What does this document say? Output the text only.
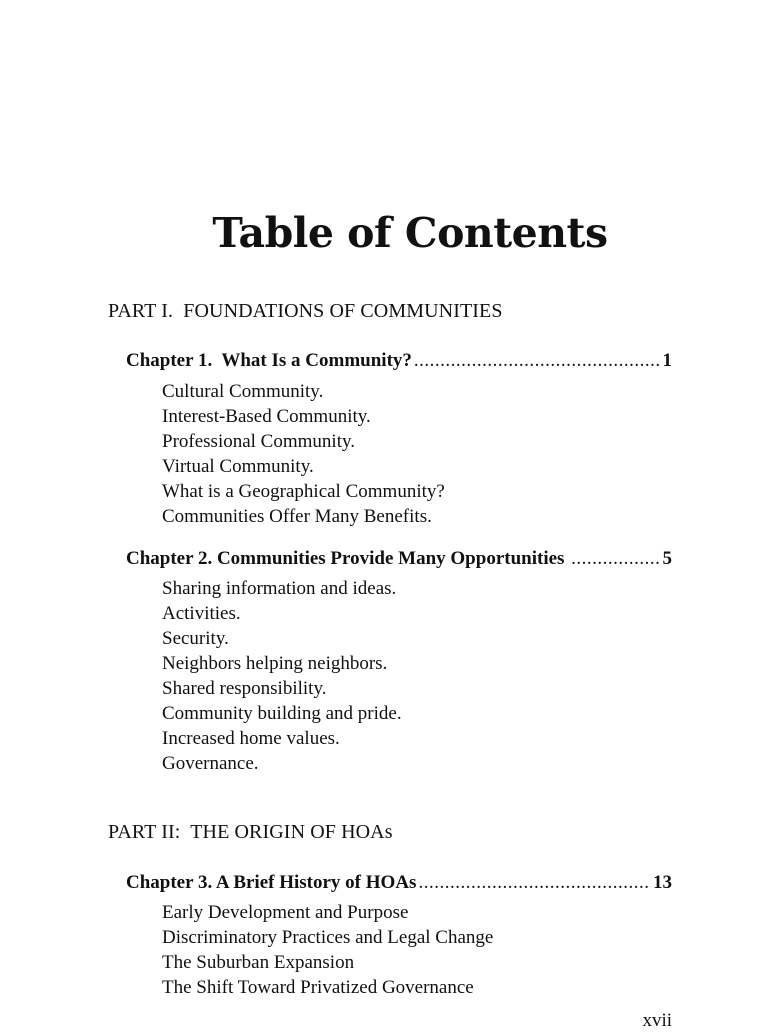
Table of Contents
PART I.  FOUNDATIONS OF COMMUNITIES
Chapter 1.  What Is a Community? .....	1
Cultural Community.
Interest-Based Community.
Professional Community.
Virtual Community.
What is a Geographical Community?
Communities Offer Many Benefits.
Chapter 2. Communities Provide Many Opportunities .....	5
Sharing information and ideas.
Activities.
Security.
Neighbors helping neighbors.
Shared responsibility.
Community building and pride.
Increased home values.
Governance.
PART II:  THE ORIGIN OF HOAs
Chapter 3. A Brief History of HOAs .....	13
Early Development and Purpose
Discriminatory Practices and Legal Change
The Suburban Expansion
The Shift Toward Privatized Governance
xvii
